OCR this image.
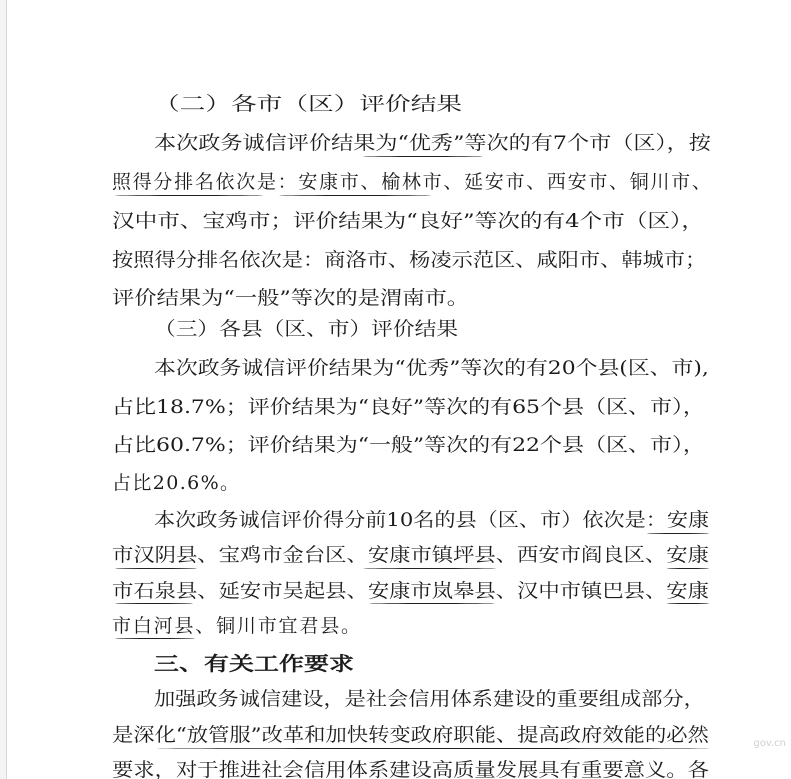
（二）各市（区）评价结果
本次政务诚信评价结果为“优秀”等次的有7个市（区），按
照得分排名依次是：安康市、榆林市、延安市、西安市、铜川市、
汉中市、宝鸡市；评价结果为“良好”等次的有4个市（区），
按照得分排名依次是：商洛市、杨凌示范区、咸阳市、韩城市；
评价结果为“一般”等次的是渭南市。
（三）各县（区、市）评价结果
本次政务诚信评价结果为“优秀”等次的有20个县(区、市),
占比18.7%；评价结果为“良好”等次的有65个县（区、市），
占比60.7%；评价结果为“一般”等次的有22个县（区、市），
占比20.6%。
本次政务诚信评价得分前10名的县（区、市）依次是：安康
市汉阴县、宝鸡市金台区、安康市镇坪县、西安市阎良区、安康
市石泉县、延安市吴起县、安康市岚皋县、汉中市镇巴县、安康
市白河县、铜川市宜君县。
三、有关工作要求
加强政务诚信建设，是社会信用体系建设的重要组成部分，
是深化“放管服”改革和加快转变政府职能、提高政府效能的必然
要求，对于推进社会信用体系建设高质量发展具有重要意义。各
gov.cn
